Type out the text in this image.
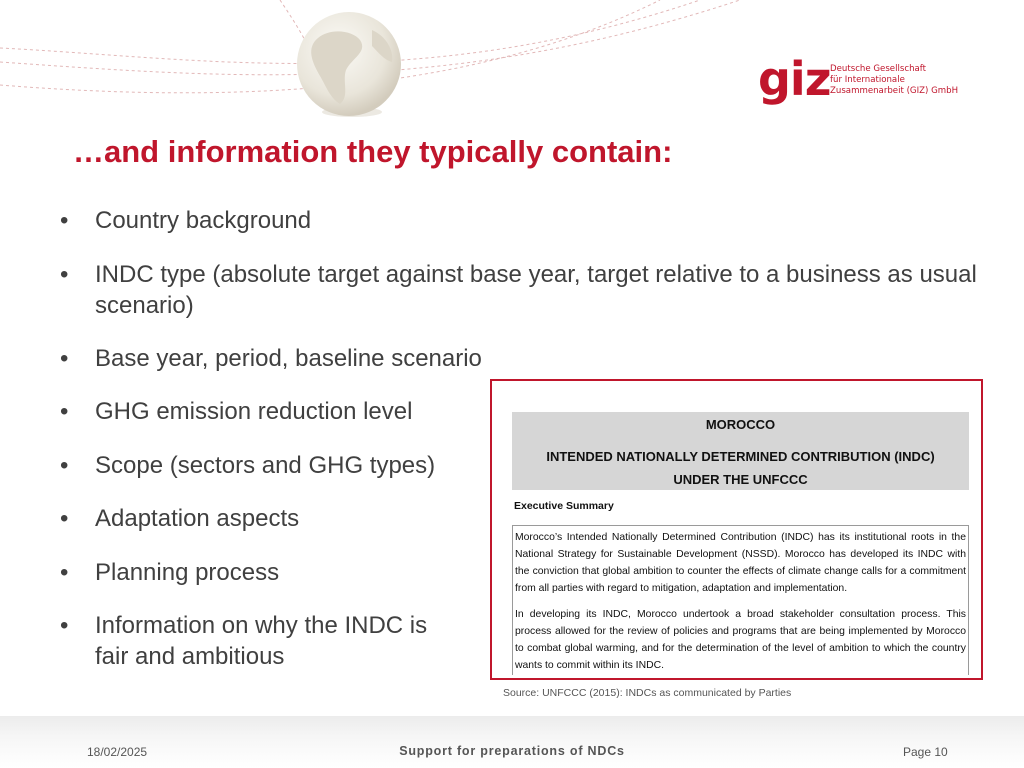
giz Deutsche Gesellschaft
für Internationale
Zusammenarbeit (GIZ) GmbH
…and information they typically contain:
• Country background
• INDC type (absolute target against base year, target relative to a business as usual scenario)
• Base year, period, baseline scenario
• GHG emission reduction level
• Scope (sectors and GHG types)
• Adaptation aspects
• Planning process
• Information on why the INDC is fair and ambitious
MOROCCO
INTENDED NATIONALLY DETERMINED CONTRIBUTION (INDC)
UNDER THE UNFCCC
Executive Summary

Morocco’s Intended Nationally Determined Contribution (INDC) has its institutional roots in the National Strategy for Sustainable Development (NSSD). Morocco has developed its INDC with the conviction that global ambition to counter the effects of climate change calls for a commitment from all parties with regard to mitigation, adaptation and implementation.

In developing its INDC, Morocco undertook a broad stakeholder consultation process. This process allowed for the review of policies and programs that are being implemented by Morocco to combat global warming, and for the determination of the level of ambition to which the country wants to commit within its INDC.

Source: UNFCCC (2015): INDCs as communicated by Parties
18/02/2025	Support for preparations of NDCs	Page 10
